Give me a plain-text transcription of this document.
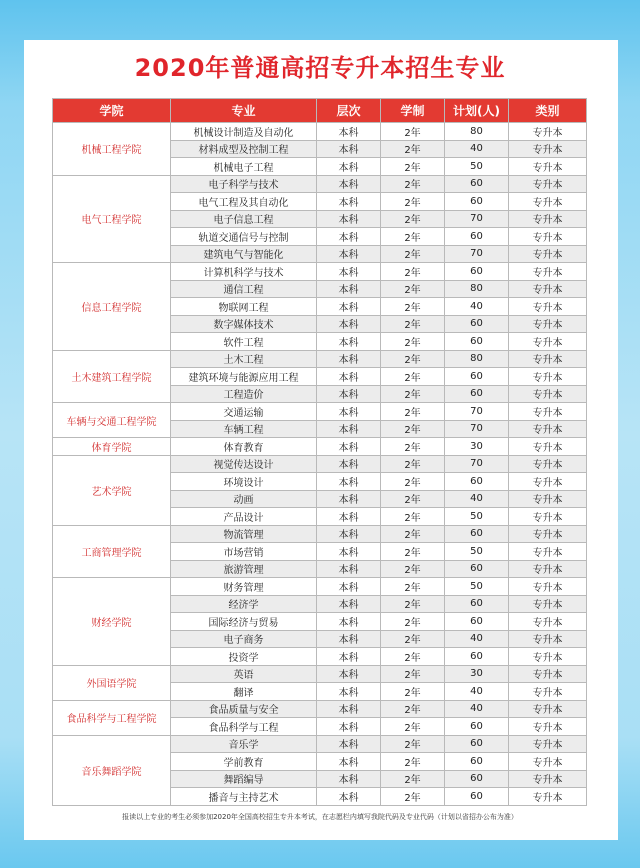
2020年普通高招专升本招生专业
学院	专业	层次	学制	计划(人)	类别
机械工程学院	机械设计制造及自动化	本科	2年	80	专升本
	材料成型及控制工程	本科	2年	40	专升本
	机械电子工程	本科	2年	50	专升本
电气工程学院	电子科学与技术	本科	2年	60	专升本
	电气工程及其自动化	本科	2年	60	专升本
	电子信息工程	本科	2年	70	专升本
	轨道交通信号与控制	本科	2年	60	专升本
	建筑电气与智能化	本科	2年	70	专升本
信息工程学院	计算机科学与技术	本科	2年	60	专升本
	通信工程	本科	2年	80	专升本
	物联网工程	本科	2年	40	专升本
	数字媒体技术	本科	2年	60	专升本
	软件工程	本科	2年	60	专升本
土木建筑工程学院	土木工程	本科	2年	80	专升本
	建筑环境与能源应用工程	本科	2年	60	专升本
	工程造价	本科	2年	60	专升本
车辆与交通工程学院	交通运输	本科	2年	70	专升本
	车辆工程	本科	2年	70	专升本
体育学院	体育教育	本科	2年	30	专升本
艺术学院	视觉传达设计	本科	2年	70	专升本
	环境设计	本科	2年	60	专升本
	动画	本科	2年	40	专升本
	产品设计	本科	2年	50	专升本
工商管理学院	物流管理	本科	2年	60	专升本
	市场营销	本科	2年	50	专升本
	旅游管理	本科	2年	60	专升本
财经学院	财务管理	本科	2年	50	专升本
	经济学	本科	2年	60	专升本
	国际经济与贸易	本科	2年	60	专升本
	电子商务	本科	2年	40	专升本
	投资学	本科	2年	60	专升本
外国语学院	英语	本科	2年	30	专升本
	翻译	本科	2年	40	专升本
食品科学与工程学院	食品质量与安全	本科	2年	40	专升本
	食品科学与工程	本科	2年	60	专升本
音乐舞蹈学院	音乐学	本科	2年	60	专升本
	学前教育	本科	2年	60	专升本
	舞蹈编导	本科	2年	60	专升本
	播音与主持艺术	本科	2年	60	专升本
报读以上专业的考生必须参加2020年全国高校招生专升本考试，在志愿栏内填写我院代码及专业代码（计划以省招办公布为准）
